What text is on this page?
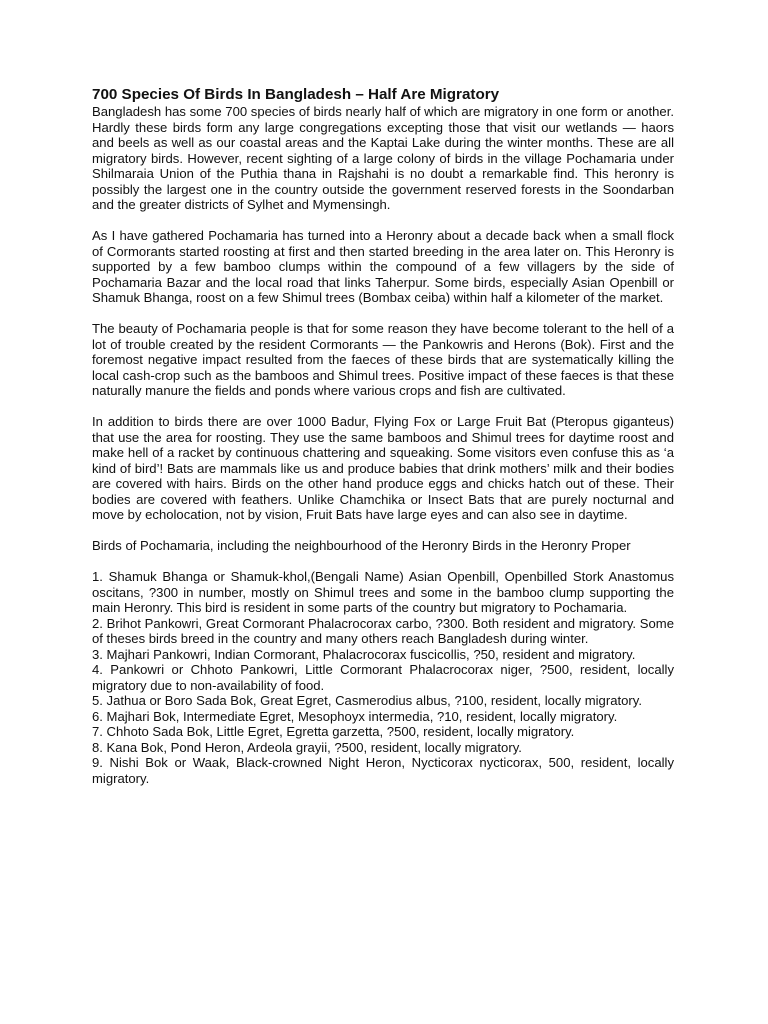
700 Species Of Birds In Bangladesh – Half Are Migratory

Bangladesh has some 700 species of birds nearly half of which are migratory in one form or another. Hardly these birds form any large congregations excepting those that visit our wetlands — haors and beels as well as our coastal areas and the Kaptai Lake during the winter months. These are all migratory birds. However, recent sighting of a large colony of birds in the village Pochamaria under Shilmaraia Union of the Puthia thana in Rajshahi is no doubt a remarkable find. This heronry is possibly the largest one in the country outside the government reserved forests in the Soondarban and the greater districts of Sylhet and Mymensingh.

As I have gathered Pochamaria has turned into a Heronry about a decade back when a small flock of Cormorants started roosting at first and then started breeding in the area later on. This Heronry is supported by a few bamboo clumps within the compound of a few villagers by the side of Pochamaria Bazar and the local road that links Taherpur. Some birds, especially Asian Openbill or Shamuk Bhanga, roost on a few Shimul trees (Bombax ceiba) within half a kilometer of the market.

The beauty of Pochamaria people is that for some reason they have become tolerant to the hell of a lot of trouble created by the resident Cormorants — the Pankowris and Herons (Bok). First and the foremost negative impact resulted from the faeces of these birds that are systematically killing the local cash-crop such as the bamboos and Shimul trees. Positive impact of these faeces is that these naturally manure the fields and ponds where various crops and fish are cultivated.

In addition to birds there are over 1000 Badur, Flying Fox or Large Fruit Bat (Pteropus giganteus) that use the area for roosting. They use the same bamboos and Shimul trees for daytime roost and make hell of a racket by continuous chattering and squeaking. Some visitors even confuse this as ‘a kind of bird’! Bats are mammals like us and produce babies that drink mothers’ milk and their bodies are covered with hairs. Birds on the other hand produce eggs and chicks hatch out of these. Their bodies are covered with feathers. Unlike Chamchika or Insect Bats that are purely nocturnal and move by echolocation, not by vision, Fruit Bats have large eyes and can also see in daytime.

Birds of Pochamaria, including the neighbourhood of the Heronry Birds in the Heronry Proper

1. Shamuk Bhanga or Shamuk-khol,(Bengali Name) Asian Openbill, Openbilled Stork Anastomus oscitans, ?300 in number, mostly on Shimul trees and some in the bamboo clump supporting the main Heronry. This bird is resident in some parts of the country but migratory to Pochamaria.
2. Brihot Pankowri, Great Cormorant Phalacrocorax carbo, ?300. Both resident and migratory. Some of theses birds breed in the country and many others reach Bangladesh during winter.
3. Majhari Pankowri, Indian Cormorant, Phalacrocorax fuscicollis, ?50, resident and migratory.
4. Pankowri or Chhoto Pankowri, Little Cormorant Phalacrocorax niger, ?500, resident, locally migratory due to non-availability of food.
5. Jathua or Boro Sada Bok, Great Egret, Casmerodius albus, ?100, resident, locally migratory.
6. Majhari Bok, Intermediate Egret, Mesophoyx intermedia, ?10, resident, locally migratory.
7. Chhoto Sada Bok, Little Egret, Egretta garzetta, ?500, resident, locally migratory.
8. Kana Bok, Pond Heron, Ardeola grayii, ?500, resident, locally migratory.
9. Nishi Bok or Waak, Black-crowned Night Heron, Nycticorax nycticorax, 500, resident, locally migratory.
